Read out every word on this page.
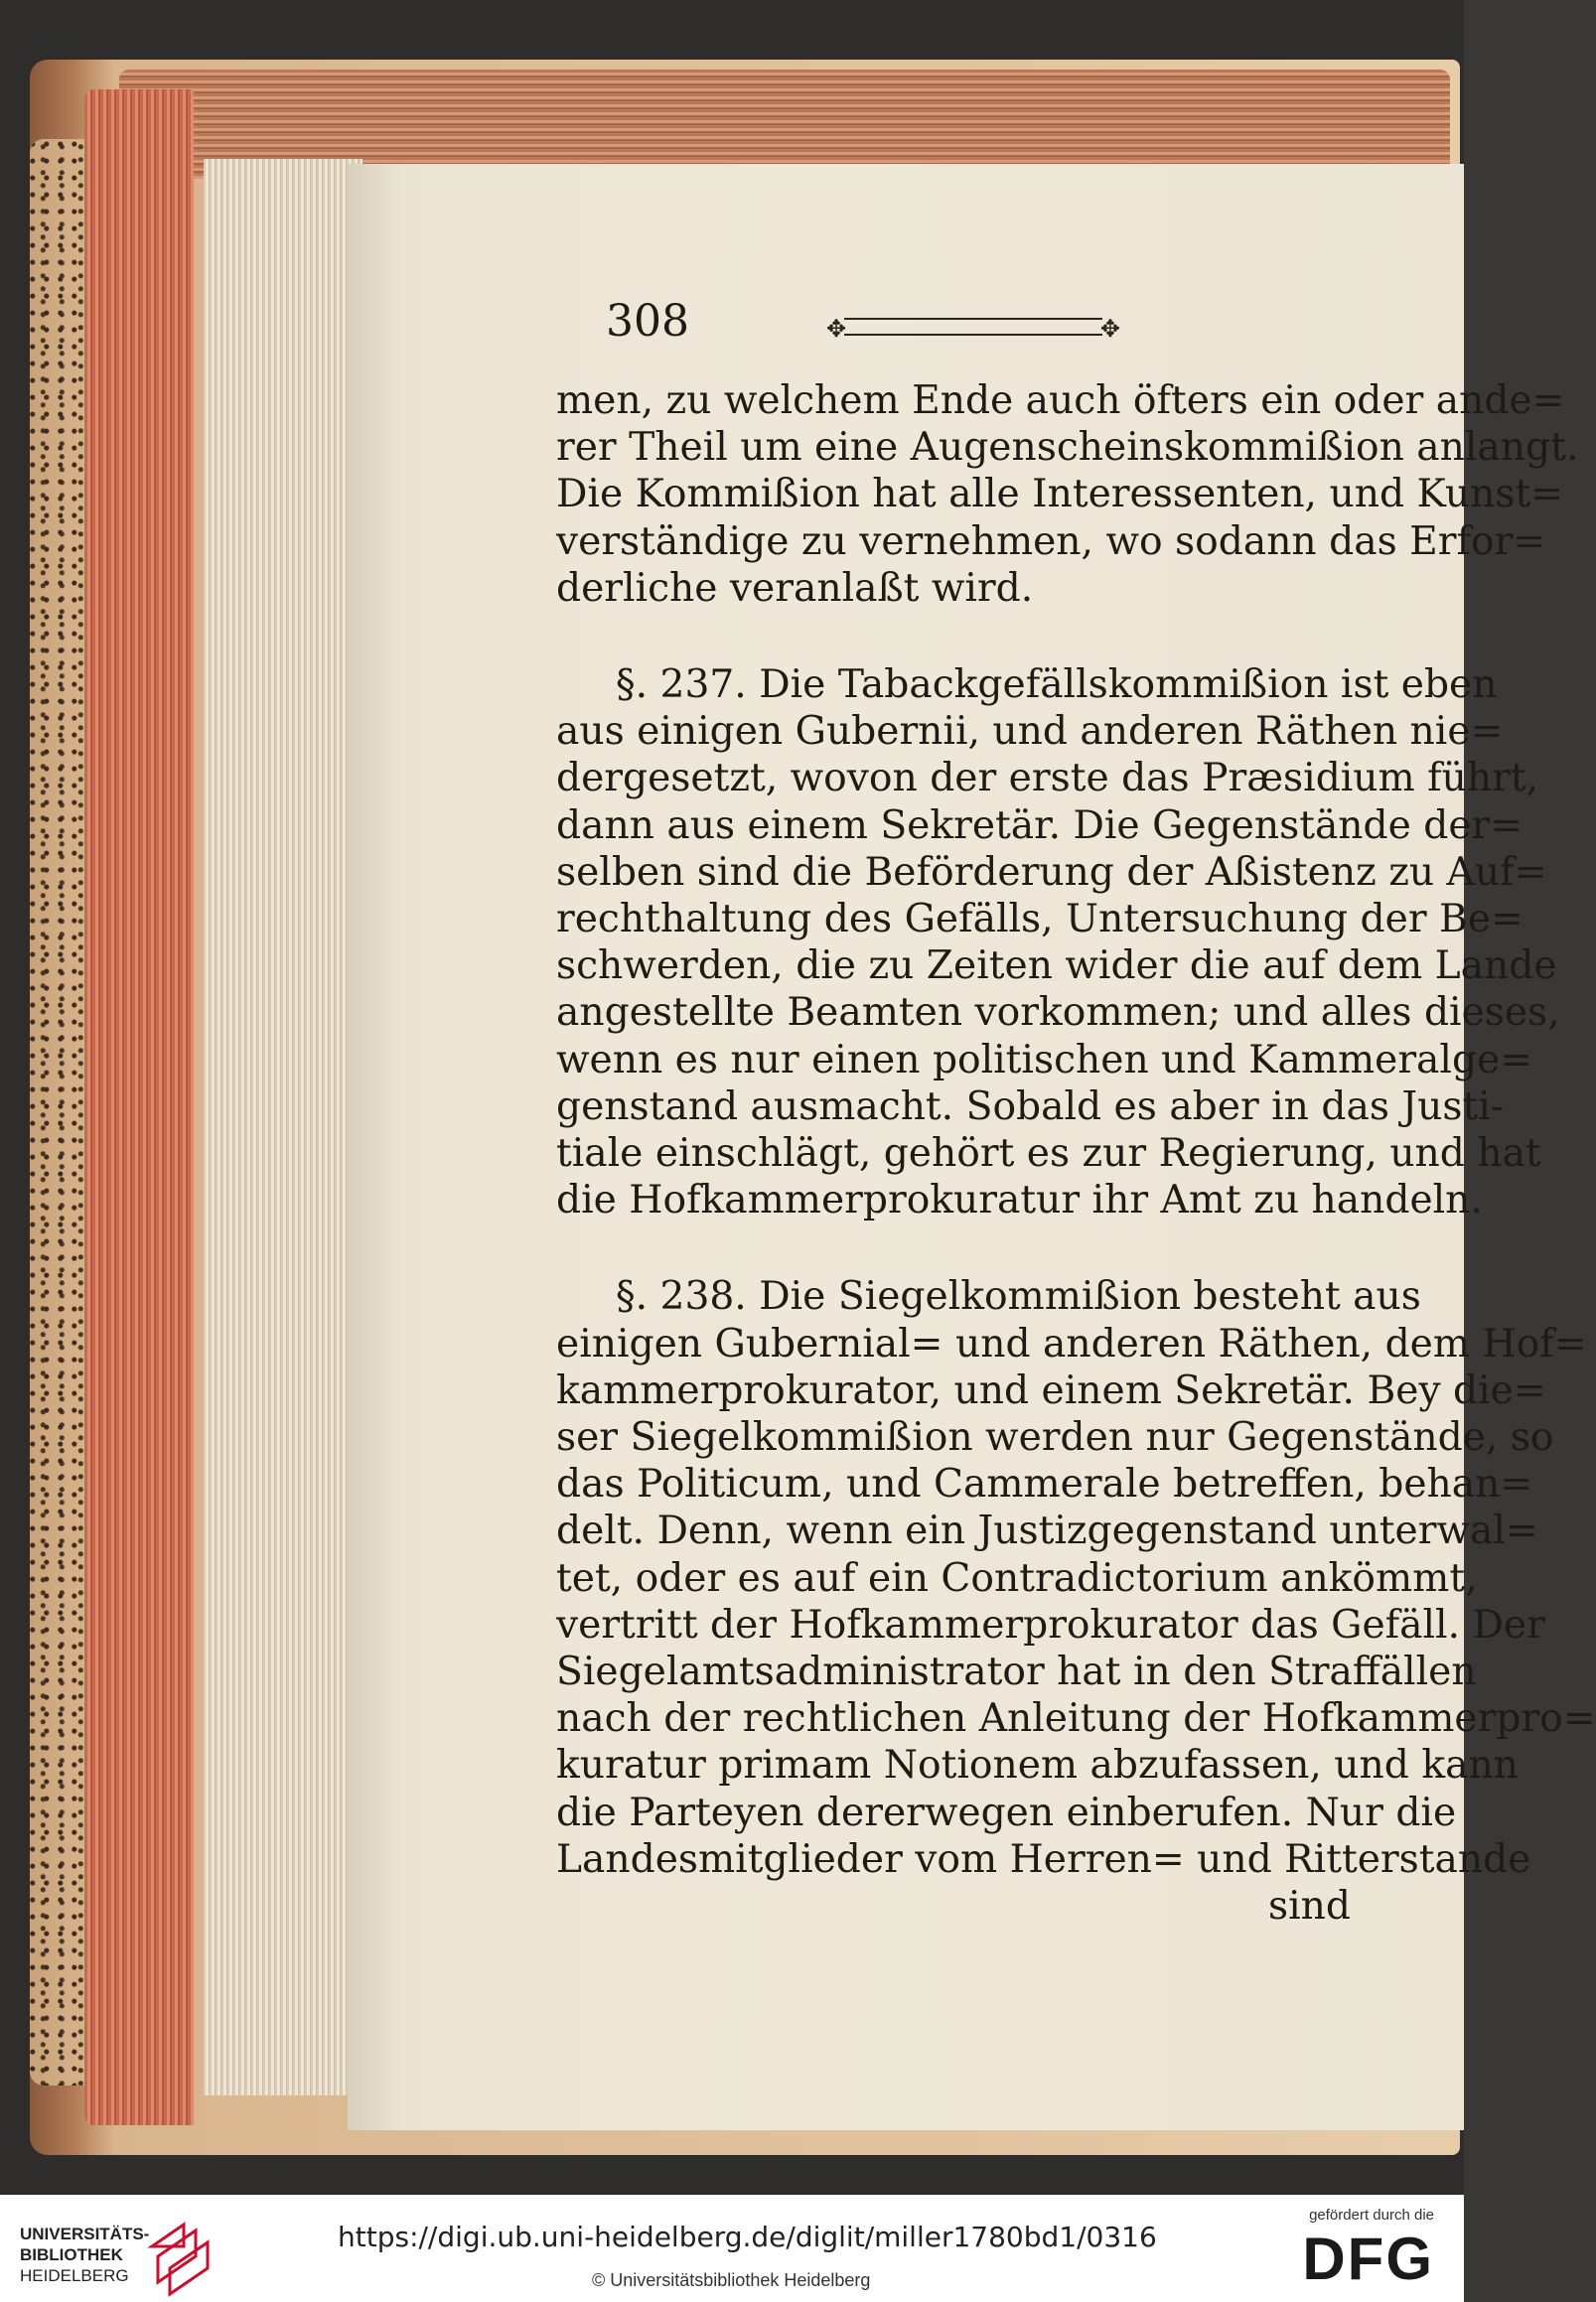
308
✥ ✥
men, zu welchem Ende auch öfters ein oder ande=
rer Theil um eine Augenscheinskommißion anlangt.
Die Kommißion hat alle Interessenten, und Kunst=
verständige zu vernehmen, wo sodann das Erfor=
derliche veranlaßt wird.
§. 237. Die Tabackgefällskommißion ist eben
aus einigen Gubernii, und anderen Räthen nie=
dergesetzt, wovon der erste das Præsidium führt,
dann aus einem Sekretär. Die Gegenstände der=
selben sind die Beförderung der Aßistenz zu Auf=
rechthaltung des Gefälls, Untersuchung der Be=
schwerden, die zu Zeiten wider die auf dem Lande
angestellte Beamten vorkommen; und alles dieses,
wenn es nur einen politischen und Kammeralge=
genstand ausmacht. Sobald es aber in das Justi-
tiale einschlägt, gehört es zur Regierung, und hat
die Hofkammerprokuratur ihr Amt zu handeln.
§. 238. Die Siegelkommißion besteht aus
einigen Gubernial= und anderen Räthen, dem Hof=
kammerprokurator, und einem Sekretär. Bey die=
ser Siegelkommißion werden nur Gegenstände, so
das Politicum, und Cammerale betreffen, behan=
delt. Denn, wenn ein Justizgegenstand unterwal=
tet, oder es auf ein Contradictorium ankömmt,
vertritt der Hofkammerprokurator das Gefäll. Der
Siegelamtsadministrator hat in den Straffällen
nach der rechtlichen Anleitung der Hofkammerpro=
kuratur primam Notionem abzufassen, und kann
die Parteyen dererwegen einberufen. Nur die
Landesmitglieder vom Herren= und Ritterstande
sind
UNIVERSITÄTS-
BIBLIOTHEK
HEIDELBERG
https://digi.ub.uni-heidelberg.de/diglit/miller1780bd1/0316
© Universitätsbibliothek Heidelberg
gefördert durch die
DFG
